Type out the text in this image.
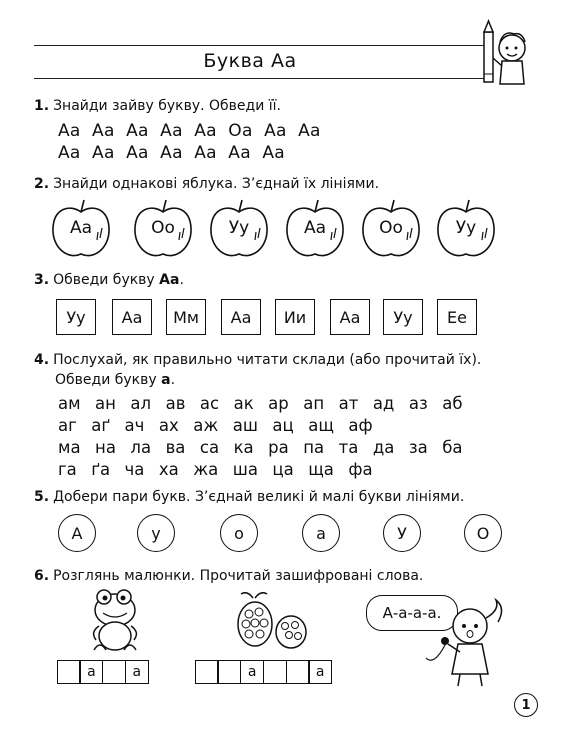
Буква Аа
1. Знайди зайву букву. Обведи її.
Аа  Аа  Аа  Аа  Аа  Оа  Аа  Аа
Аа  Аа  Аа  Аа  Аа  Аа  Аа
2. Знайди однакові яблука. З’єднай їх лініями.
Аа	Оо	Уу	Аа	Оо	Уу
3. Обведи букву Аа.
Уу	Аа	Мм	Аа	Ии	Аа	Уу	Ее
4. Послухай, як правильно читати склади (або прочитай їх).
Обведи букву а.
ам  ан  ал  ав  ас  ак  ар  ап  ат  ад  аз  аб
аг  аґ  ач  ах  аж  аш  ац  ащ  аф
ма  на  ла  ва  са  ка  ра  па  та  да  за  ба
га  ґа  ча  ха  жа  ша  ца  ща  фа
5. Добери пари букв. З’єднай великі й малі букви лініями.
А	у	о	а	У	О
6. Розглянь малюнки. Прочитай зашифровані слова.
А-а-а-а.
а	а	а	а
1
